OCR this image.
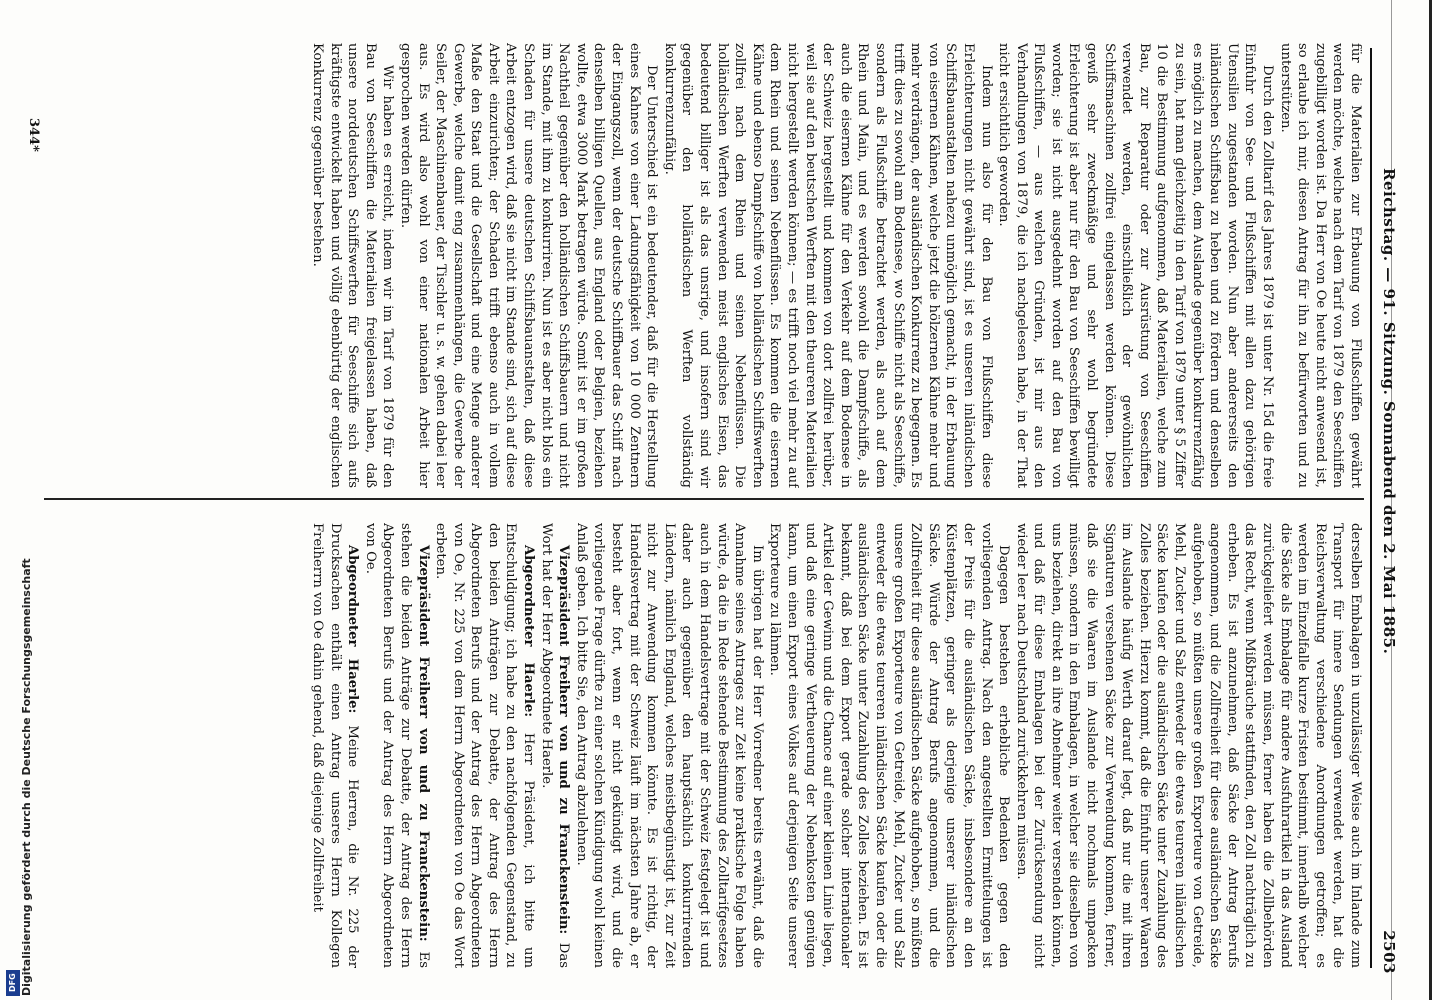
DFG Digitalisierung gefördert durch die Deutsche Forschungsgemeinschaft
Reichstag. — 91. Sitzung. Sonnabend den 2. Mai 1885.
2503

derselben Embalagen in unzulässiger Weise auch im Inlande zum Transport für innere Sendungen verwendet werden, hat die Reichsverwaltung verschiedene Anordnungen getroffen; es werden im Einzelfalle kurze Fristen bestimmt, innerhalb welcher die Säcke als Embalage für andere Ausfuhrartikel in das Ausland zurückgeliefert werden müssen, ferner haben die Zollbehörden das Recht, wenn Mißbräuche stattfinden, den Zoll nachträglich zu erheben. Es ist anzunehmen, daß Säcke der Antrag Berufs angenommen, und die Zollfreiheit für diese ausländischen Säcke aufgehoben, so müßten unsere großen Exporteure von Getreide, Mehl, Zucker und Salz entweder die etwas teureren inländischen Säcke kaufen oder die ausländischen Säcke unter Zuzahlung des Zolles beziehen. Hierzu kommt, daß die Einfuhr unserer Waaren im Auslande häufig Werth darauf legt, daß nur die mit ihren Signaturen versehenen Säcke zur Verwendung kommen, ferner, daß sie die Waaren im Auslande nicht nochmals umpacken müssen, sondern in den Embalagen, in welcher sie dieselben von uns beziehen, direkt an ihre Abnehmer weiter versenden können, und daß für diese Embalagen bei der Zurücksendung nicht wieder leer nach Deutschland zurückkehren müssen.

Dagegen bestehen erhebliche Bedenken gegen den vorliegenden Antrag. Nach den angestellten Ermittelungen ist der Preis für die ausländischen Säcke, insbesondere an den Küstenplätzen, geringer als derjenige unserer inländischen Säcke. Würde der Antrag Berufs angenommen, und die Zollfreiheit für diese ausländischen Säcke aufgehoben, so müßten unsere großen Exporteure von Getreide, Mehl, Zucker und Salz entweder die etwas teureren inländischen Säcke kaufen oder die ausländischen Säcke unter Zuzahlung des Zolles beziehen. Es ist bekannt, daß bei dem Export gerade solcher internationaler Artikel der Gewinn und die Chance auf einer kleinen Linie liegen, und daß eine geringe Vertheuerung der Nebenkosten genügen kann, um einen Export eines Volkes auf derjenigen Seite unserer Exporteure zu lähmen.

Im übrigen hat der Herr Vorredner bereits erwähnt, daß die Annahme seines Antrages zur Zeit keine praktische Folge haben würde, da die in Rede stehende Bestimmung des Zolltarifgesetzes auch in dem Handelsvertrage mit der Schweiz festgelegt ist und daher auch gegenüber den hauptsächlich konkurrirenden Ländern, nämlich England, welches meistbegünstigt ist, zur Zeit nicht zur Anwendung kommen könnte. Es ist richtig, der Handelsvertrag mit der Schweiz läuft im nächsten Jahre ab, er besteht aber fort, wenn er nicht gekündigt wird, und die vorliegende Frage dürfte zu einer solchen Kündigung wohl keinen Anlaß geben. Ich bitte Sie, den Antrag abzulehnen.

Vizepräsident Freiherr von und zu Franckenstein: Das Wort hat der Herr Abgeordnete Haerle.

Abgeordneter Haerle: Herr Präsident, ich bitte um Entschuldigung; ich habe zu den nachfolgenden Gegenstand, zu den beiden Anträgen zur Debatte, der Antrag des Herrn Abgeordneten Berufs und der Antrag des Herrn Abgeordneten von Oe, Nr. 225 von dem Herrn Abgeordneten von Oe das Wort erbeten.

Vizepräsident Freiherr von und zu Franckenstein: Es stehen die beiden Anträge zur Debatte, der Antrag des Herrn Abgeordneten Berufs und der Antrag des Herrn Abgeordneten von Oe.

Abgeordneter Haerle: Meine Herren, die Nr. 225 der Drucksachen enthält einen Antrag unseres Herrn Kollegen Freiherrn von Oe dahin gehend, daß diejenige Zollfreiheit

für die Materialien zur Erbauung von Flußschiffen gewährt werden möchte, welche nach dem Tarif von 1879 den Seeschiffen zugebilligt worden ist. Da Herr von Oe heute nicht anwesend ist, so erlaube ich mir, diesen Antrag für ihn zu befürworten und zu unterstützen.

Durch den Zolltarif des Jahres 1879 ist unter Nr. 15d die freie Einfuhr von See- und Flußschiffen mit allen dazu gehörigen Utensilien zugestanden worden. Nun aber andererseits den inländischen Schiffsbau zu heben und zu fördern und denselben es möglich zu machen, dem Auslande gegenüber konkurrenzfähig zu sein, hat man gleichzeitig in den Tarif von 1879 unter § 5 Ziffer 10 die Bestimmung aufgenommen, daß Materialien, welche zum Bau, zur Reparatur oder zur Ausrüstung von Seeschiffen verwendet werden, einschließlich der gewöhnlichen Schiffsmaschinen zollfrei eingelassen werden können. Diese gewiß sehr zweckmäßige und sehr wohl begründete Erleichterung ist aber nur für den Bau von Seeschiffen bewilligt worden; sie ist nicht ausgedehnt worden auf den Bau von Flußschiffen, — aus welchen Gründen, ist mir aus den Verhandlungen von 1879, die ich nachgelesen habe, in der That nicht ersichtlich geworden.

Indem nun also für den Bau von Flußschiffen diese Erleichterungen nicht gewährt sind, ist es unseren inländischen Schiffsbauanstalten nahezu unmöglich gemacht, in der Erbauung von eisernen Kähnen, welche jetzt die hölzernen Kähne mehr und mehr verdrängen, der ausländischen Konkurrenz zu begegnen. Es trifft dies zu sowohl am Bodensee, wo Schiffe nicht als Seeschiffe, sondern als Flußschiffe betrachtet werden, als auch auf dem Rhein und Main, und es werden sowohl die Dampfschiffe, als auch die eisernen Kähne für den Verkehr auf dem Bodensee in der Schweiz hergestellt und kommen von dort zollfrei herüber, weil sie auf den beutschen Werften mit den theureren Materialien nicht hergestellt werden können; — es trifft noch viel mehr zu auf dem Rhein und seinen Nebenflüssen. Es kommen die eisernen Kähne und ebenso Dampfschiffe von holländischen Schiffswerften zollfrei nach dem Rhein und seinen Nebenflüssen. Die holländischen Werften verwenden meist englisches Eisen, das bedeutend billiger ist als das unsrige, und insofern sind wir gegenüber den holländischen Werften vollständig konkurrenzunfähig.

Der Unterschied ist ein bedeutender, daß für die Herstellung eines Kahnes von einer Ladungsfähigkeit von 10 000 Zentnern der Eingangszoll, wenn der deutsche Schiffbauer das Schiff nach denselben billigen Quellen, aus England oder Belgien, beziehen wollte, etwa 3000 Mark betragen würde. Somit ist er im großen Nachtheil gegenüber den holländischen Schiffsbauern und nicht im Stande, mit ihm zu konkurriren. Nun ist es aber nicht blos ein Schaden für unsere deutschen Schiffsbauanstalten, daß diese Arbeit entzogen wird, daß sie nicht im Stande sind, sich auf diese Arbeit einzurichten; der Schaden trifft ebenso auch in vollem Maße den Staat und die Gesellschaft und eine Menge anderer Gewerbe, welche damit eng zusammenhängen, die Gewerbe der Seiler, der Maschinenbauer, der Tischler u. s. w. gehen dabei leer aus. Es wird also wohl von einer nationalen Arbeit hier gesprochen werden dürfen.

Wir haben es erreicht, indem wir im Tarif von 1879 für den Bau von Seeschiffen die Materialien freigelassen haben, daß unsere norddeutschen Schiffswerften für Seeschiffe sich aufs kräftigste entwickelt haben und völlig ebenbürtig der englischen Konkurrenz gegenüber bestehen.

344*
